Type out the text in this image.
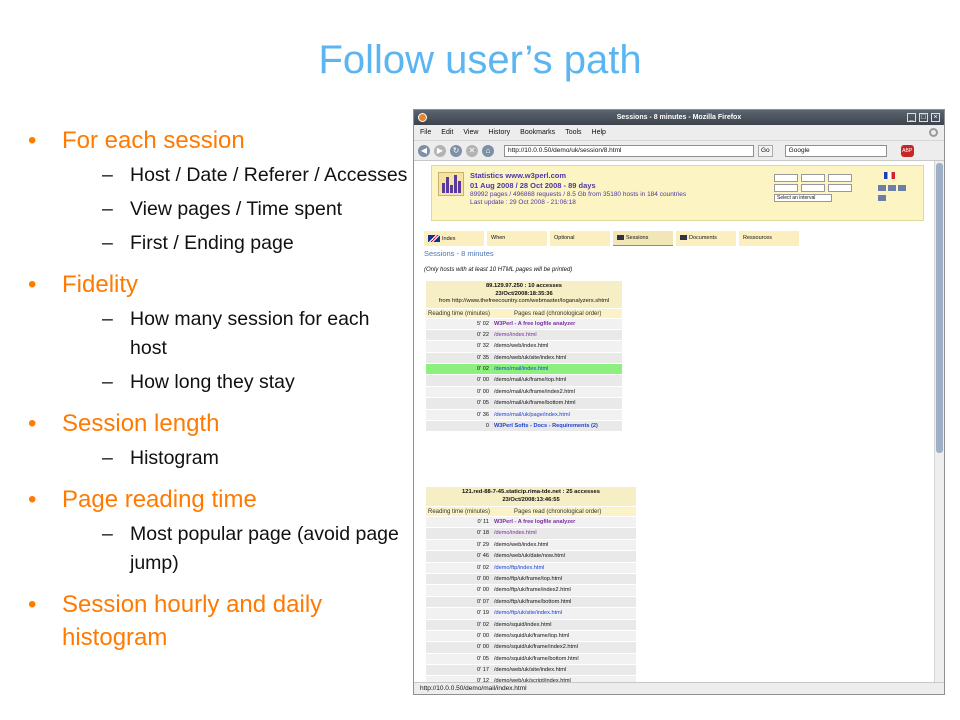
Follow user’s path
•	For each session
– Host / Date / Referer / Accesses
– View pages / Time spent
– First / Ending page
•	Fidelity
– How many session for each host
– How long they stay
•	Session length
– Histogram
•	Page reading time
– Most popular page (avoid page jump)
•	Session hourly and daily histogram
Sessions - 8 minutes - Mozilla Firefox	_	□	×
File Edit View History Bookmarks Tools Help
◀	▶	↻	✕	⌂	http://10.0.0.50/demo/uk/session/8.html	Go	Google	ABP
Statistics www.w3perl.com
01 Aug 2008 / 28 Oct 2008 - 89 days
89992 pages / 496868 requests / 8.5 Gb from 35180 hosts in 184 countries
Last update : 29 Oct 2008 - 21:06:18
Select an interval
Index	When	Optional	Sessions	Documents	Ressources
Sessions - 8 minutes
(Only hosts with at least 10 HTML pages will be printed)
89.129.97.250 : 10 accesses
23/Oct/2008:18:35:36
from http://www.thefreecountry.com/webmaster/loganalyzers.shtml
Reading time (minutes)	Pages read (chronological order)
5' 02 W3Perl - A free logfile analyzer
0' 22 /demo/index.html
0' 32 /demo/web/index.html
0' 35 /demo/web/uk/site/index.html
0' 02 /demo/mail/index.html
0' 00 /demo/mail/uk/frame/top.html
0' 00 /demo/mail/uk/frame/index2.html
0' 05 /demo/mail/uk/frame/bottom.html
0' 36 /demo/mail/uk/page/index.html
0 W3Perl Softs - Docs - Requirements (2)
121.red-88-7-45.staticip.rima-tde.net : 25 accesses
23/Oct/2008:13:46:55
Reading time (minutes)	Pages read (chronological order)
0' 11 W3Perl - A free logfile analyzer
0' 18 /demo/index.html
0' 29 /demo/web/index.html
0' 46 /demo/web/uk/date/now.html
0' 02 /demo/ftp/index.html
0' 00 /demo/ftp/uk/frame/top.html
0' 00 /demo/ftp/uk/frame/index2.html
0' 07 /demo/ftp/uk/frame/bottom.html
0' 19 /demo/ftp/uk/site/index.html
0' 02 /demo/squid/index.html
0' 00 /demo/squid/uk/frame/top.html
0' 00 /demo/squid/uk/frame/index2.html
0' 05 /demo/squid/uk/frame/bottom.html
0' 17 /demo/web/uk/site/index.html
http://10.0.0.50/demo/mail/index.html
